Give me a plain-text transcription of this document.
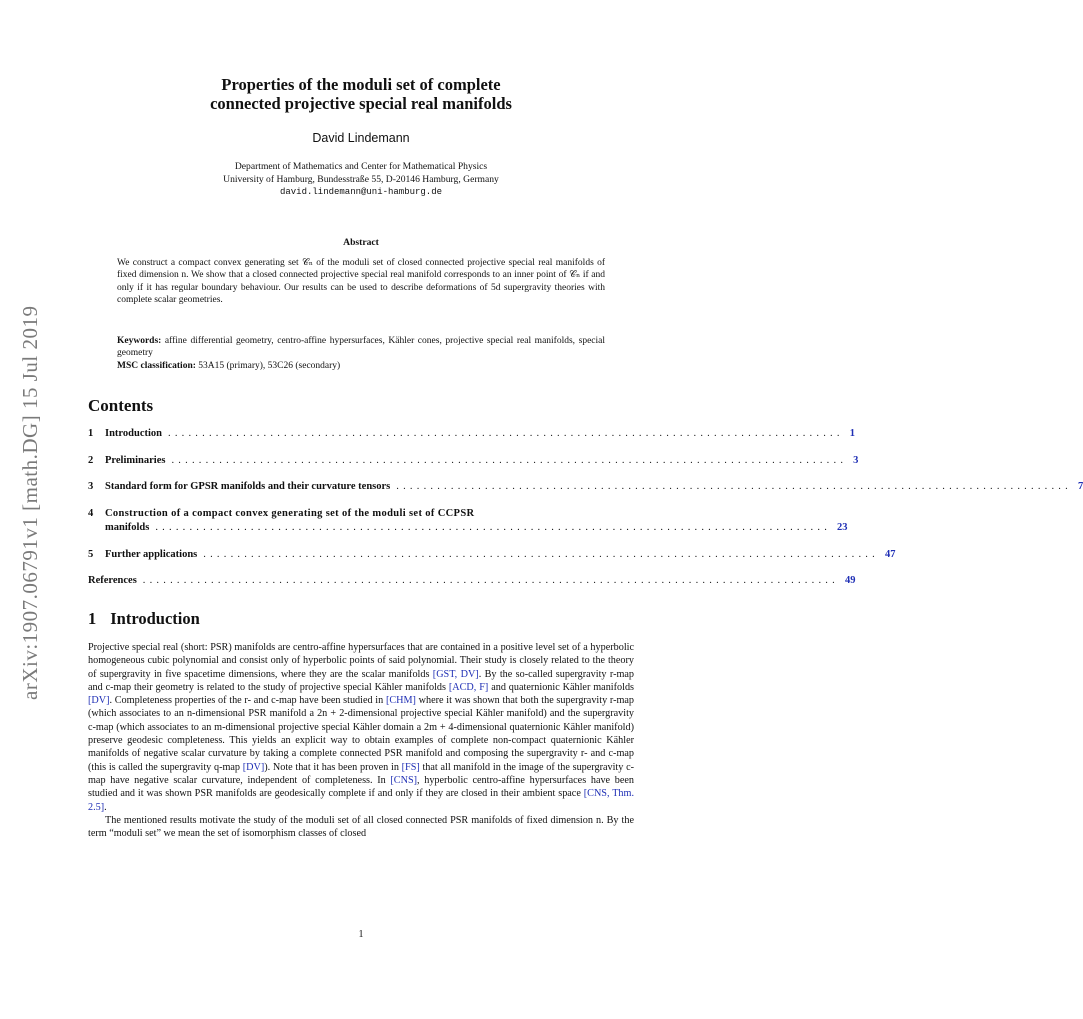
arXiv:1907.06791v1 [math.DG] 15 Jul 2019
Properties of the moduli set of complete
connected projective special real manifolds
David Lindemann
Department of Mathematics and Center for Mathematical Physics
University of Hamburg, Bundesstraße 55, D-20146 Hamburg, Germany
david.lindemann@uni-hamburg.de
Abstract
We construct a compact convex generating set 𝒞ₙ of the moduli set of closed connected projective special real manifolds of fixed dimension n. We show that a closed connected projective special real manifold corresponds to an inner point of 𝒞ₙ if and only if it has regular boundary behaviour. Our results can be used to describe deformations of 5d supergravity theories with complete scalar geometries.
Keywords: affine differential geometry, centro-affine hypersurfaces, Kähler cones, projective special real manifolds, special geometry
MSC classification: 53A15 (primary), 53C26 (secondary)
Contents
1	Introduction ................................................................................................... 1
2	Preliminaries ................................................................................................... 3
3	Standard form for GPSR manifolds and their curvature tensors ................................................................................................... 7
4	Construction of a compact convex generating set of the moduli set of CCPSR
manifolds ................................................................................................... 23
5	Further applications ................................................................................................... 47
References ...................................................................................................... 49
1 Introduction

Projective special real (short: PSR) manifolds are centro-affine hypersurfaces that are contained in a positive level set of a hyperbolic homogeneous cubic polynomial and consist only of hyperbolic points of said polynomial. Their study is closely related to the theory of supergravity in five spacetime dimensions, where they are the scalar manifolds [GST, DV]. By the so-called supergravity r-map and c-map their geometry is related to the study of projective special Kähler manifolds [ACD, F] and quaternionic Kähler manifolds [DV]. Completeness properties of the r- and c-map have been studied in [CHM] where it was shown that both the supergravity r-map (which associates to an n-dimensional PSR manifold a 2n + 2-dimensional projective special Kähler manifold) and the supergravity c-map (which associates to an m-dimensional projective special Kähler domain a 2m + 4-dimensional quaternionic Kähler manifold) preserve geodesic completeness. This yields an explicit way to obtain examples of complete non-compact quaternionic Kähler manifolds of negative scalar curvature by taking a complete connected PSR manifold and composing the supergravity r- and c-map (this is called the supergravity q-map [DV]). Note that it has been proven in [FS] that all manifold in the image of the supergravity c-map have negative scalar curvature, independent of completeness. In [CNS], hyperbolic centro-affine hypersurfaces have been studied and it was shown PSR manifolds are geodesically complete if and only if they are closed in their ambient space [CNS, Thm. 2.5].

The mentioned results motivate the study of the moduli set of all closed connected PSR manifolds of fixed dimension n. By the term “moduli set” we mean the set of isomorphism classes of closed

1
